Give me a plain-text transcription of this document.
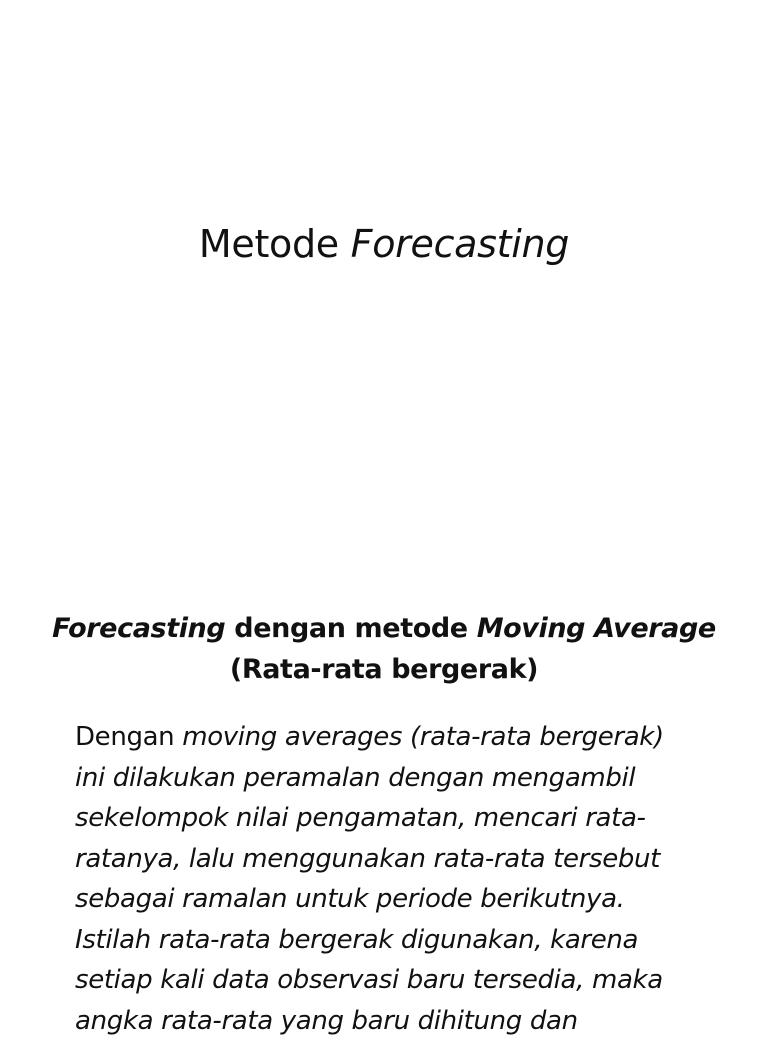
Metode Forecasting
Forecasting dengan metode Moving Average
(Rata-rata bergerak)
Dengan moving averages (rata-rata bergerak)
ini dilakukan peramalan dengan mengambil
sekelompok nilai pengamatan, mencari rata-
ratanya, lalu menggunakan rata-rata tersebut
sebagai ramalan untuk periode berikutnya.
Istilah rata-rata bergerak digunakan, karena
setiap kali data observasi baru tersedia, maka
angka rata-rata yang baru dihitung dan
